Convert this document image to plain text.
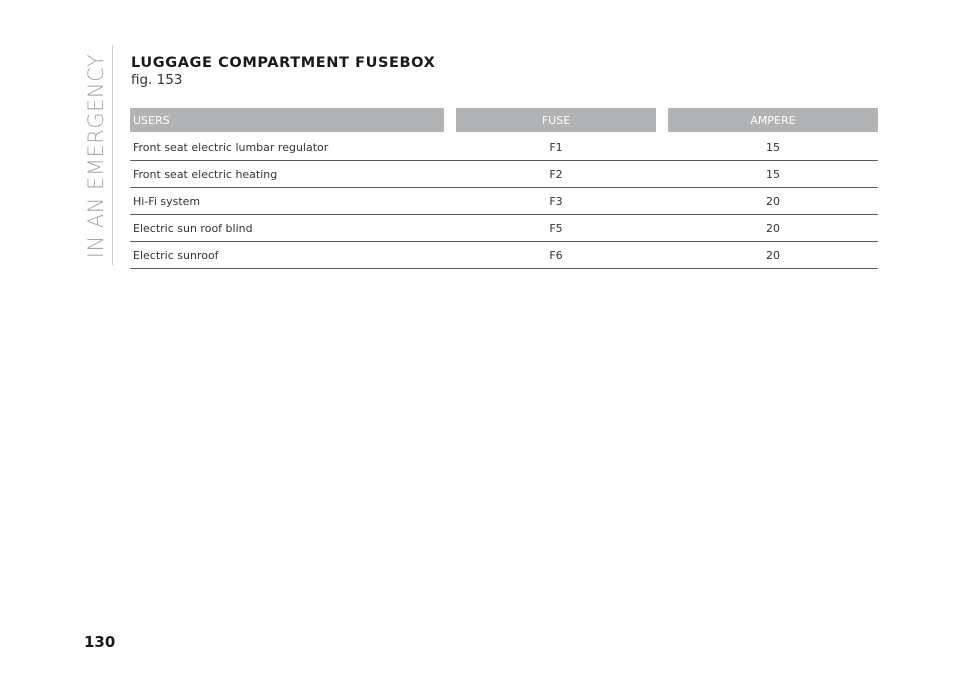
IN AN EMERGENCY LUGGAGE COMPARTMENT FUSEBOX
fig. 153
USERS		FUSE		AMPERE
Front seat electric lumbar regulator		F1		15
Front seat electric heating		F2		15
Hi-Fi system		F3		20
Electric sun roof blind		F5		20
Electric sunroof		F6		20
130
